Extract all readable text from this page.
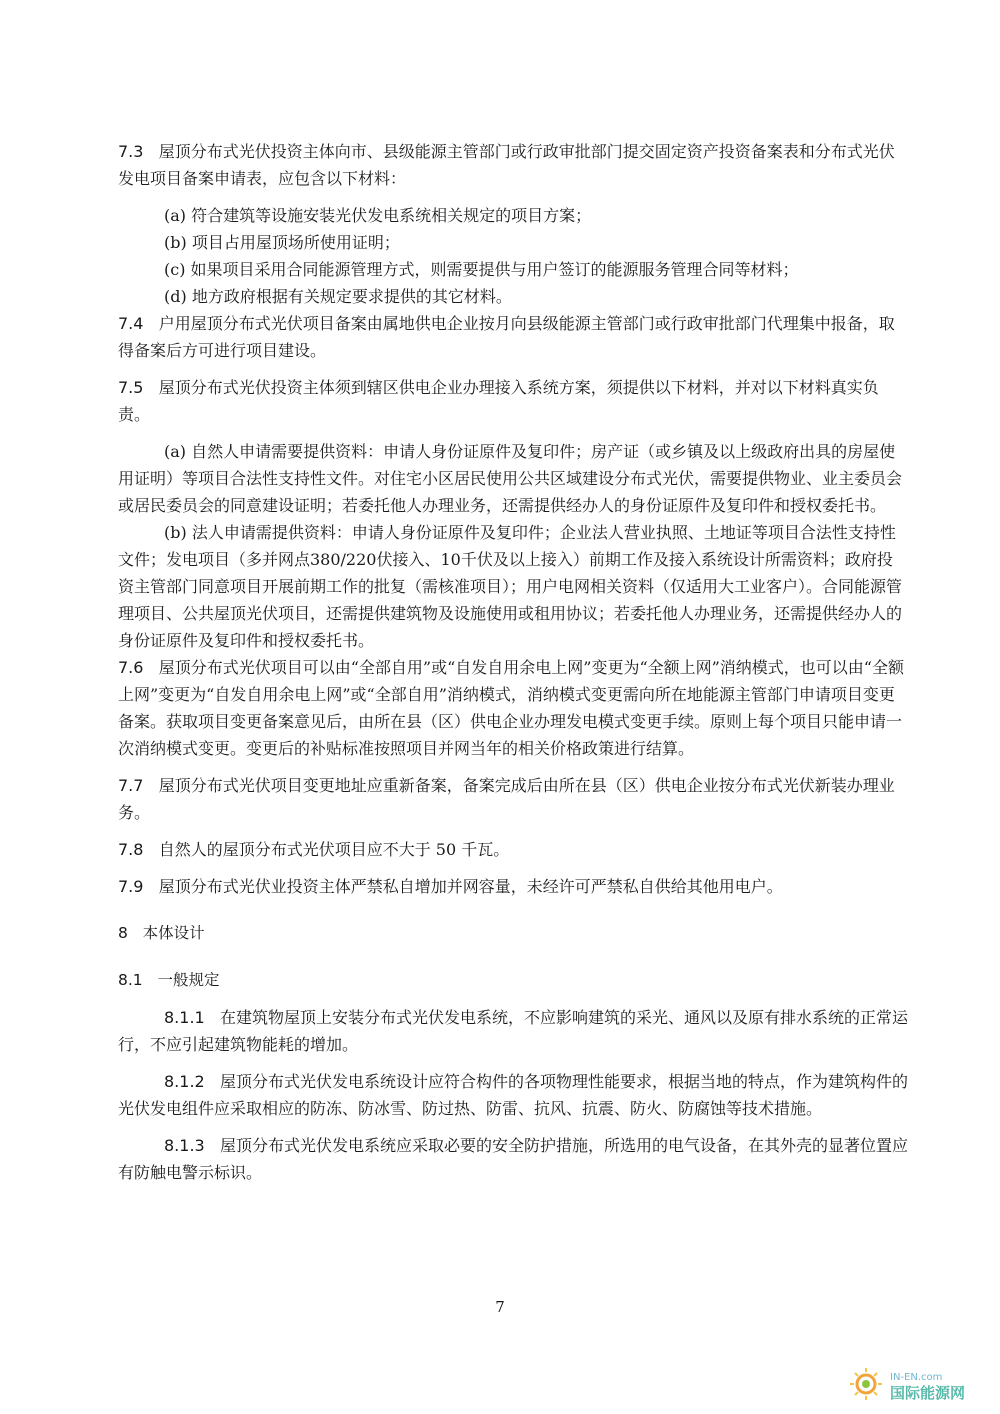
7.3 屋顶分布式光伏投资主体向市、县级能源主管部门或行政审批部门提交固定资产投资备案表和分布式光伏发电项目备案申请表，应包含以下材料：

(a) 符合建筑等设施安装光伏发电系统相关规定的项目方案；

(b) 项目占用屋顶场所使用证明；

(c) 如果项目采用合同能源管理方式，则需要提供与用户签订的能源服务管理合同等材料；

(d) 地方政府根据有关规定要求提供的其它材料。

7.4 户用屋顶分布式光伏项目备案由属地供电企业按月向县级能源主管部门或行政审批部门代理集中报备，取得备案后方可进行项目建设。

7.5 屋顶分布式光伏投资主体须到辖区供电企业办理接入系统方案，须提供以下材料，并对以下材料真实负责。

(a) 自然人申请需要提供资料：申请人身份证原件及复印件；房产证（或乡镇及以上级政府出具的房屋使用证明）等项目合法性支持性文件。对住宅小区居民使用公共区域建设分布式光伏，需要提供物业、业主委员会或居民委员会的同意建设证明；若委托他人办理业务，还需提供经办人的身份证原件及复印件和授权委托书。

(b) 法人申请需提供资料：申请人身份证原件及复印件；企业法人营业执照、土地证等项目合法性支持性文件；发电项目（多并网点380/220伏接入、10千伏及以上接入）前期工作及接入系统设计所需资料；政府投资主管部门同意项目开展前期工作的批复（需核准项目）；用户电网相关资料（仅适用大工业客户）。合同能源管理项目、公共屋顶光伏项目，还需提供建筑物及设施使用或租用协议；若委托他人办理业务，还需提供经办人的身份证原件及复印件和授权委托书。

7.6 屋顶分布式光伏项目可以由“全部自用”或“自发自用余电上网”变更为“全额上网”消纳模式，也可以由“全额上网”变更为“自发自用余电上网”或“全部自用”消纳模式，消纳模式变更需向所在地能源主管部门申请项目变更备案。获取项目变更备案意见后，由所在县（区）供电企业办理发电模式变更手续。原则上每个项目只能申请一次消纳模式变更。变更后的补贴标准按照项目并网当年的相关价格政策进行结算。

7.7 屋顶分布式光伏项目变更地址应重新备案，备案完成后由所在县（区）供电企业按分布式光伏新装办理业务。

7.8 自然人的屋顶分布式光伏项目应不大于 50 千瓦。

7.9 屋顶分布式光伏业投资主体严禁私自增加并网容量，未经许可严禁私自供给其他用电户。

8 本体设计

8.1 一般规定

8.1.1 在建筑物屋顶上安装分布式光伏发电系统，不应影响建筑的采光、通风以及原有排水系统的正常运行，不应引起建筑物能耗的增加。

8.1.2 屋顶分布式光伏发电系统设计应符合构件的各项物理性能要求，根据当地的特点，作为建筑构件的光伏发电组件应采取相应的防冻、防冰雪、防过热、防雷、抗风、抗震、防火、防腐蚀等技术措施。

8.1.3 屋顶分布式光伏发电系统应采取必要的安全防护措施，所选用的电气设备，在其外壳的显著位置应有防触电警示标识。

7
IN-EN.com
国际能源网
